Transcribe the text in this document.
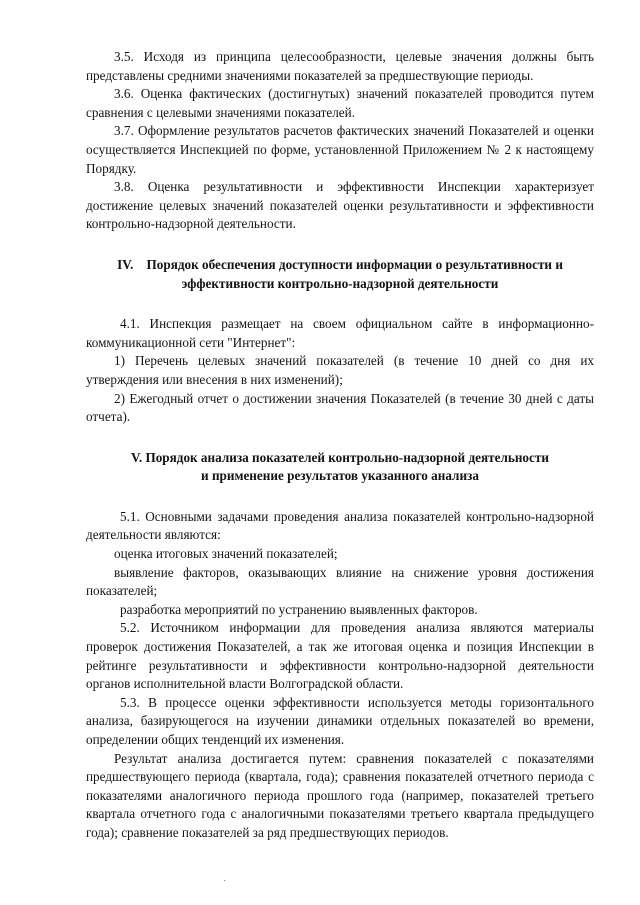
3.5. Исходя из принципа целесообразности, целевые значения должны быть представлены средними значениями показателей за предшествующие периоды.

3.6. Оценка фактических (достигнутых) значений показателей проводится путем сравнения с целевыми значениями показателей.

3.7. Оформление результатов расчетов фактических значений Показателей и оценки осуществляется Инспекцией по форме, установленной Приложением № 2 к настоящему Порядку.

3.8. Оценка результативности и эффективности Инспекции характеризует достижение целевых значений показателей оценки результативности и эффективности контрольно-надзорной деятельности.

IV.    Порядок обеспечения доступности информации о результативности и эффективности контрольно-надзорной деятельности

4.1. Инспекция размещает на своем официальном сайте в информационно-коммуникационной сети "Интернет":

1) Перечень целевых значений показателей (в течение 10 дней со дня их утверждения или внесения в них изменений);

2) Ежегодный отчет о достижении значения Показателей (в течение 30 дней с даты отчета).

V. Порядок анализа показателей контрольно-надзорной деятельности и применение результатов указанного анализа

5.1. Основными задачами проведения анализа показателей контрольно-надзорной деятельности являются:

оценка итоговых значений показателей;

выявление факторов, оказывающих влияние на снижение уровня достижения показателей;

разработка мероприятий по устранению выявленных факторов.

5.2. Источником информации для проведения анализа являются материалы проверок достижения Показателей, а так же итоговая оценка и позиция Инспекции в рейтинге результативности и эффективности контрольно-надзорной деятельности органов исполнительной власти Волгоградской области.

5.3. В процессе оценки эффективности используется методы горизонтального анализа, базирующегося на изучении динамики отдельных показателей во времени, определении общих тенденций их изменения.

Результат анализа достигается путем: сравнения показателей с показателями предшествующего периода (квартала, года); сравнения показателей отчетного периода с показателями аналогичного периода прошлого года (например, показателей третьего квартала отчетного года с аналогичными показателями третьего квартала предыдущего года); сравнение показателей за ряд предшествующих периодов.
